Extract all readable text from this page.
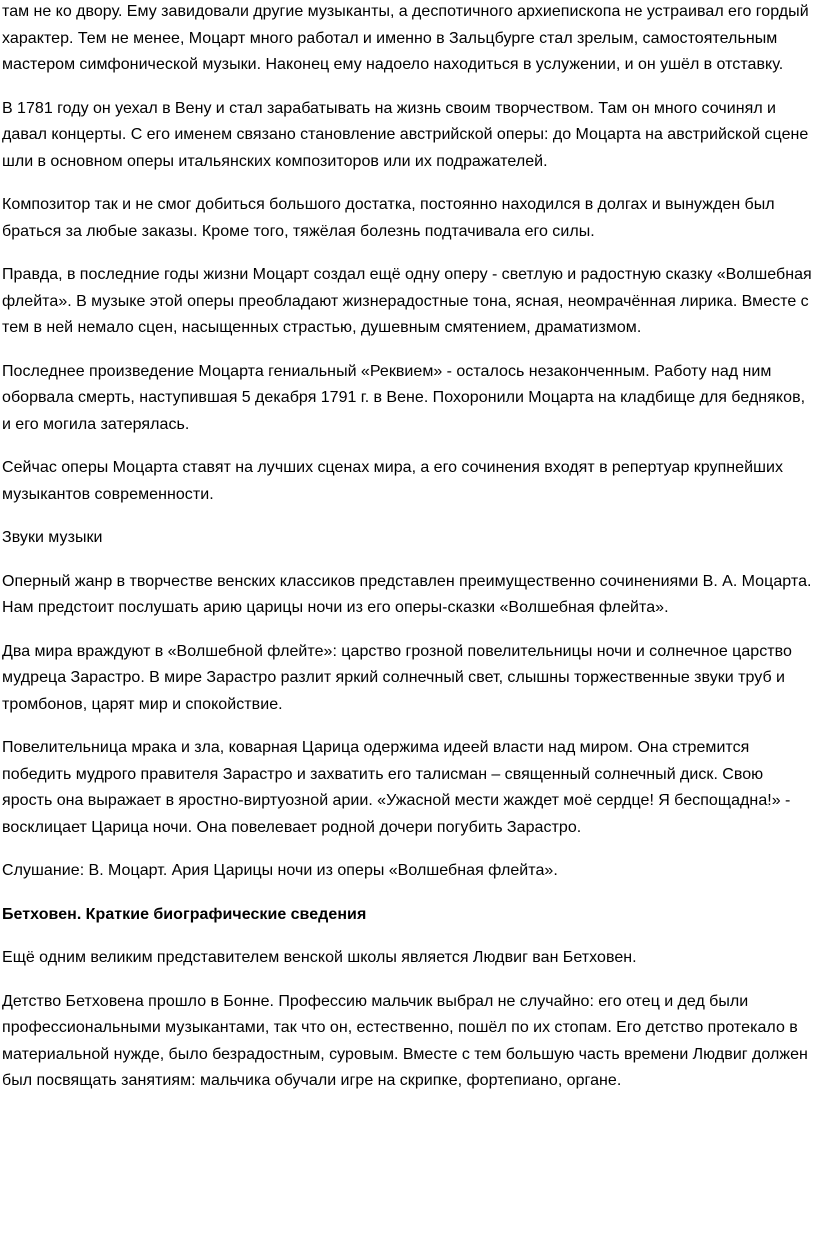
там не ко двору. Ему завидовали другие музыканты, а деспотичного архиепископа не устраивал его гордый характер. Тем не менее, Моцарт много работал и именно в Зальцбурге стал зрелым, самостоятельным мастером симфонической музыки. Наконец ему надоело находиться в услужении, и он ушёл в отставку.

В 1781 году он уехал в Вену и стал зарабатывать на жизнь своим творчеством. Там он много сочинял и давал концерты. С его именем связано становление австрийской оперы: до Моцарта на австрийской сцене шли в основном оперы итальянских композиторов или их подражателей.

Композитор так и не смог добиться большого достатка, постоянно находился в долгах и вынужден был браться за любые заказы. Кроме того, тяжёлая болезнь подтачивала его силы.

Правда, в последние годы жизни Моцарт создал ещё одну оперу - светлую и радостную сказку «Волшебная флейта». В музыке этой оперы преобладают жизнерадостные тона, ясная, неомрачённая лирика. Вместе с тем в ней немало сцен, насыщенных страстью, душевным смятением, драматизмом.

Последнее произведение Моцарта гениальный «Реквием» - осталось незаконченным. Работу над ним оборвала смерть, наступившая 5 декабря 1791 г. в Вене. Похоронили Моцарта на кладбище для бедняков, и его могила затерялась.

Сейчас оперы Моцарта ставят на лучших сценах мира, а его сочинения входят в репертуар крупнейших музыкантов современности.

Звуки музыки

Оперный жанр в творчестве венских классиков представлен преимущественно сочинениями В. А. Моцарта. Нам предстоит послушать арию царицы ночи из его оперы-сказки «Волшебная флейта».

Два мира враждуют в «Волшебной флейте»: царство грозной повелительницы ночи и солнечное царство мудреца Зарастро. В мире Зарастро разлит яркий солнечный свет, слышны торжественные звуки труб и тромбонов, царят мир и спокойствие.

Повелительница мрака и зла, коварная Царица одержима идеей власти над миром. Она стремится победить мудрого правителя Зарастро и захватить его талисман – священный солнечный диск. Свою ярость она выражает в яростно-виртуозной арии. «Ужасной мести жаждет моё сердце! Я беспощадна!» - восклицает Царица ночи. Она повелевает родной дочери погубить Зарастро.

Слушание: В. Моцарт. Ария Царицы ночи из оперы «Волшебная флейта».

Бетховен. Краткие биографические сведения

Ещё одним великим представителем венской школы является Людвиг ван Бетховен.

Детство Бетховена прошло в Бонне. Профессию мальчик выбрал не случайно: его отец и дед были профессиональными музыкантами, так что он, естественно, пошёл по их стопам. Его детство протекало в материальной нужде, было безрадостным, суровым. Вместе с тем большую часть времени Людвиг должен был посвящать занятиям: мальчика обучали игре на скрипке, фортепиано, органе.
